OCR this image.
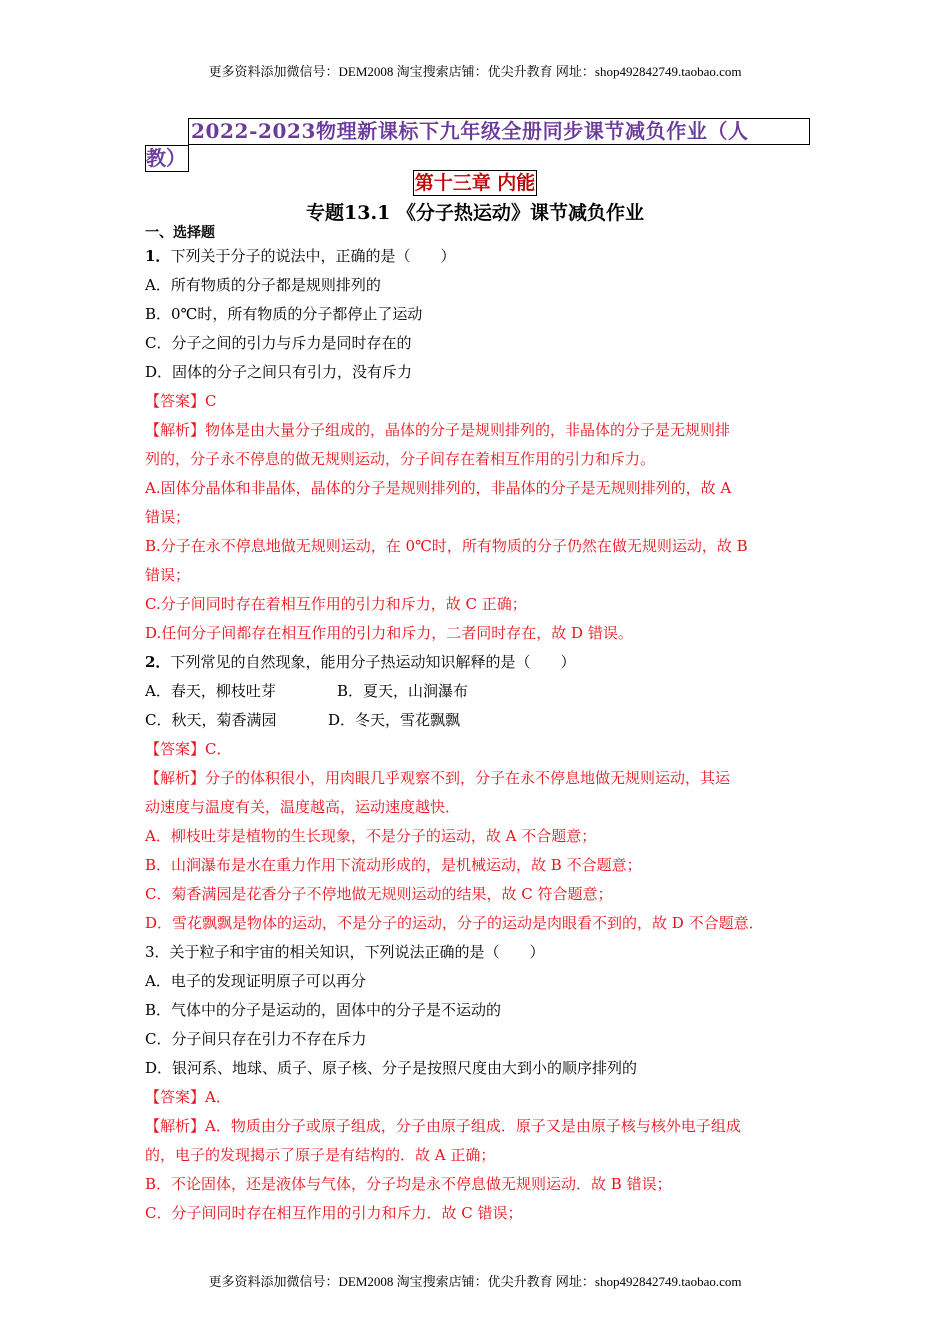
更多资料添加微信号：DEM2008 淘宝搜索店铺：优尖升教育 网址：shop492842749.taobao.com
2022-2023物理新课标下九年级全册同步课节减负作业（人
教）
第十三章 内能
专题13.1 《分子热运动》课节减负作业
一、选择题
1．下列关于分子的说法中，正确的是（　　）
A．所有物质的分子都是规则排列的
B．0℃时，所有物质的分子都停止了运动
C．分子之间的引力与斥力是同时存在的
D．固体的分子之间只有引力，没有斥力
【答案】C
【解析】物体是由大量分子组成的，晶体的分子是规则排列的，非晶体的分子是无规则排
列的，分子永不停息的做无规则运动，分子间存在着相互作用的引力和斥力。
A.固体分晶体和非晶体，晶体的分子是规则排列的，非晶体的分子是无规则排列的，故 A
错误；
B.分子在永不停息地做无规则运动，在 0℃时，所有物质的分子仍然在做无规则运动，故 B
错误；
C.分子间同时存在着相互作用的引力和斥力，故 C 正确；
D.任何分子间都存在相互作用的引力和斥力，二者同时存在，故 D 错误。
2．下列常见的自然现象，能用分子热运动知识解释的是（　　）
A．春天，柳枝吐芽	B．夏天，山涧瀑布
C．秋天，菊香满园	D．冬天，雪花飘飘
【答案】C．
【解析】分子的体积很小，用肉眼几乎观察不到，分子在永不停息地做无规则运动，其运
动速度与温度有关，温度越高，运动速度越快．
A．柳枝吐芽是植物的生长现象，不是分子的运动，故 A 不合题意；
B．山涧瀑布是水在重力作用下流动形成的，是机械运动，故 B 不合题意；
C．菊香满园是花香分子不停地做无规则运动的结果，故 C 符合题意；
D．雪花飘飘是物体的运动，不是分子的运动，分子的运动是肉眼看不到的，故 D 不合题意．
3．关于粒子和宇宙的相关知识，下列说法正确的是（　　）
A．电子的发现证明原子可以再分
B．气体中的分子是运动的，固体中的分子是不运动的
C．分子间只存在引力不存在斥力
D．银河系、地球、质子、原子核、分子是按照尺度由大到小的顺序排列的
【答案】A．
【解析】A．物质由分子或原子组成，分子由原子组成．原子又是由原子核与核外电子组成
的，电子的发现揭示了原子是有结构的．故 A 正确；
B．不论固体，还是液体与气体，分子均是永不停息做无规则运动．故 B 错误；
C．分子间同时存在相互作用的引力和斥力．故 C 错误；
更多资料添加微信号：DEM2008 淘宝搜索店铺：优尖升教育 网址：shop492842749.taobao.com
